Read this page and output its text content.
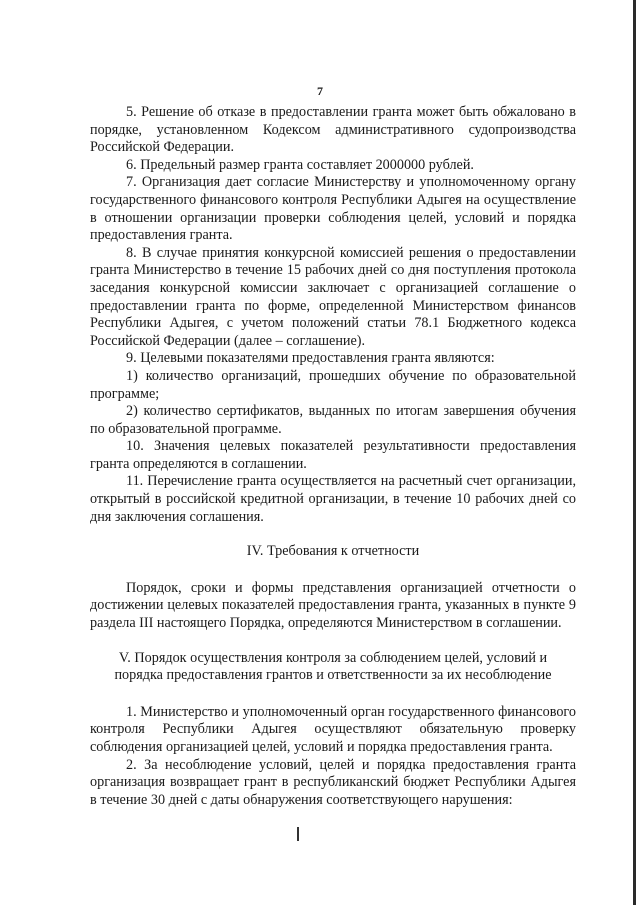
7

5. Решение об отказе в предоставлении гранта может быть обжаловано в порядке, установленном Кодексом административного судопроизводства Российской Федерации.

6. Предельный размер гранта составляет 2000000 рублей.

7. Организация дает согласие Министерству и уполномоченному органу государственного финансового контроля Республики Адыгея на осуществление в отношении организации проверки соблюдения целей, условий и порядка предоставления гранта.

8. В случае принятия конкурсной комиссией решения о предоставлении гранта Министерство в течение 15 рабочих дней со дня поступления протокола заседания конкурсной комиссии заключает с организацией соглашение о предоставлении гранта по форме, определенной Министерством финансов Республики Адыгея, с учетом положений статьи 78.1 Бюджетного кодекса Российской Федерации (далее – соглашение).

9. Целевыми показателями предоставления гранта являются:

1) количество организаций, прошедших обучение по образовательной программе;

2) количество сертификатов, выданных по итогам завершения обучения по образовательной программе.

10. Значения целевых показателей результативности предоставления гранта определяются в соглашении.

11. Перечисление гранта осуществляется на расчетный счет организации, открытый в российской кредитной организации, в течение 10 рабочих дней со дня заключения соглашения.

IV. Требования к отчетности

Порядок, сроки и формы представления организацией отчетности о достижении целевых показателей предоставления гранта, указанных в пункте 9 раздела III настоящего Порядка, определяются Министерством в соглашении.

V. Порядок осуществления контроля за соблюдением целей, условий и
порядка предоставления грантов и ответственности за их несоблюдение

1. Министерство и уполномоченный орган государственного финансового контроля Республики Адыгея осуществляют обязательную проверку соблюдения организацией целей, условий и порядка предоставления гранта.

2. За несоблюдение условий, целей и порядка предоставления гранта организация возвращает грант в республиканский бюджет Республики Адыгея в течение 30 дней с даты обнаружения соответствующего нарушения:
